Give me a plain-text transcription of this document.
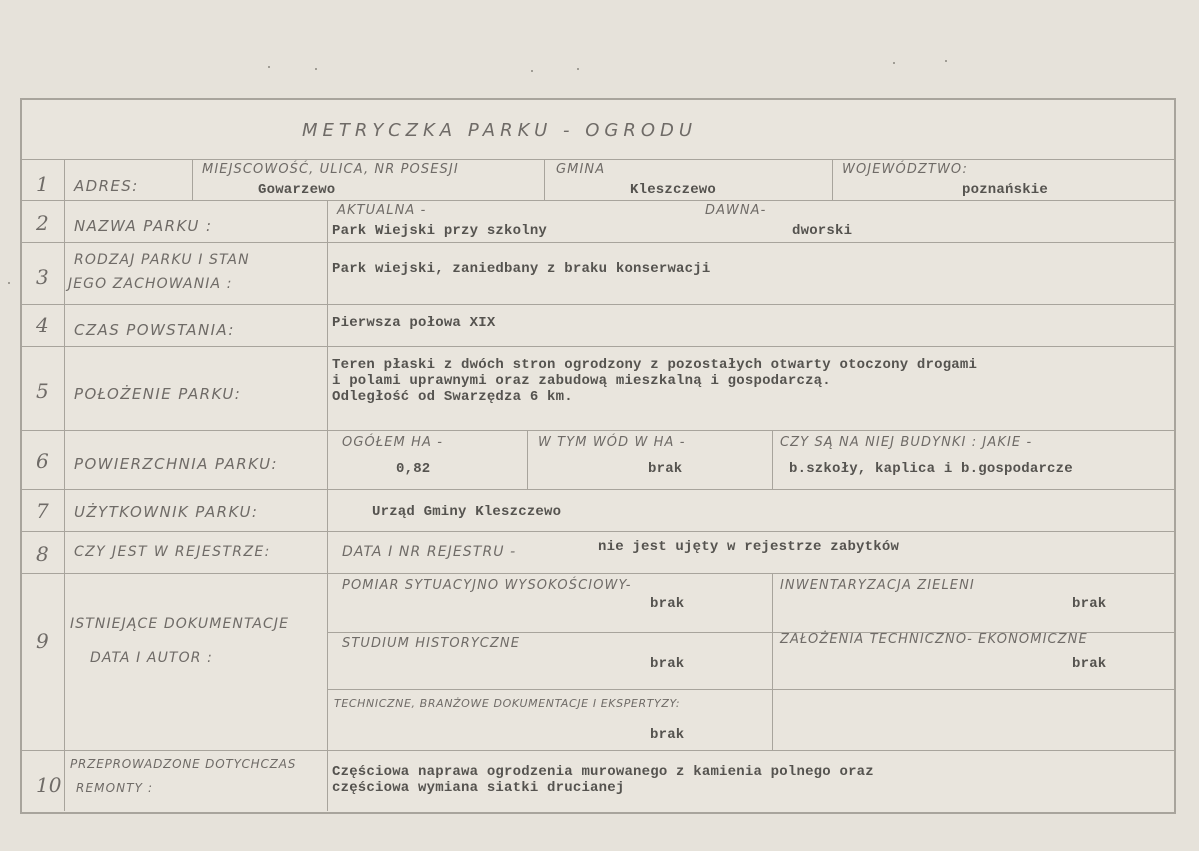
METRYCZKA PARKU - OGRODU
1 ADRES:
MIEJSCOWOŚĆ, ULICA, NR POSESJI
Gowarzewo
GMINA
Kleszczewo
WOJEWÓDZTWO:
poznańskie
2 NAZWA PARKU :
AKTUALNA -
Park Wiejski przy szkolny
DAWNA-
dworski
3
RODZAJ PARKU I STAN
JEGO ZACHOWANIA :
Park wiejski, zaniedbany z braku konserwacji
4 CZAS POWSTANIA:	Pierwsza połowa XIX
5 POŁOŻENIE PARKU:
Teren płaski z dwóch stron ogrodzony z pozostałych otwarty otoczony drogami
i polami uprawnymi oraz zabudową mieszkalną i gospodarczą.
Odległość od Swarzędza 6 km.
6 POWIERZCHNIA PARKU:
OGÓŁEM HA -
0,82
W TYM WÓD W HA -
brak
CZY SĄ NA NIEJ BUDYNKI : JAKIE -
b.szkoły, kaplica i b.gospodarcze
7 UŻYTKOWNIK PARKU:	Urząd Gminy Kleszczewo
8 CZY JEST W REJESTRZE:	DATA I NR REJESTRU -	nie jest ujęty w rejestrze zabytków
9
ISTNIEJĄCE DOKUMENTACJE
DATA I AUTOR :
POMIAR SYTUACYJNO WYSOKOŚCIOWY-
brak
INWENTARYZACJA ZIELENI
brak
STUDIUM HISTORYCZNE
brak
ZAŁOŻENIA TECHNICZNO- EKONOMICZNE
brak
TECHNICZNE, BRANŻOWE DOKUMENTACJE I EKSPERTYZY:
brak
10
PRZEPROWADZONE DOTYCHCZAS
REMONTY :
Częściowa naprawa ogrodzenia murowanego z kamienia polnego oraz
częściowa wymiana siatki drucianej
